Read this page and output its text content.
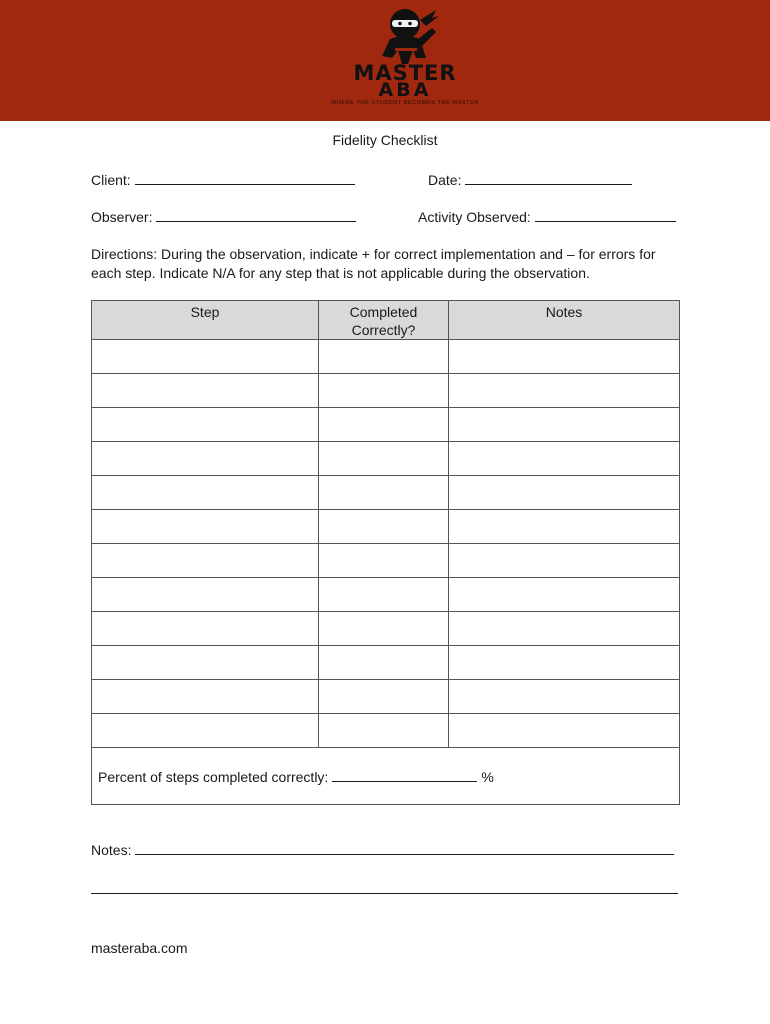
MASTER
ABA
WHERE THE STUDENT BECOMES THE MASTER
Fidelity Checklist
Client:	Date:
Observer:	Activity Observed:
Directions: During the observation, indicate + for correct implementation and – for errors for each step. Indicate N/A for any step that is not applicable during the observation.
Step	Completed Correctly?	Notes

Percent of steps completed correctly: %		
Notes:
masteraba.com
